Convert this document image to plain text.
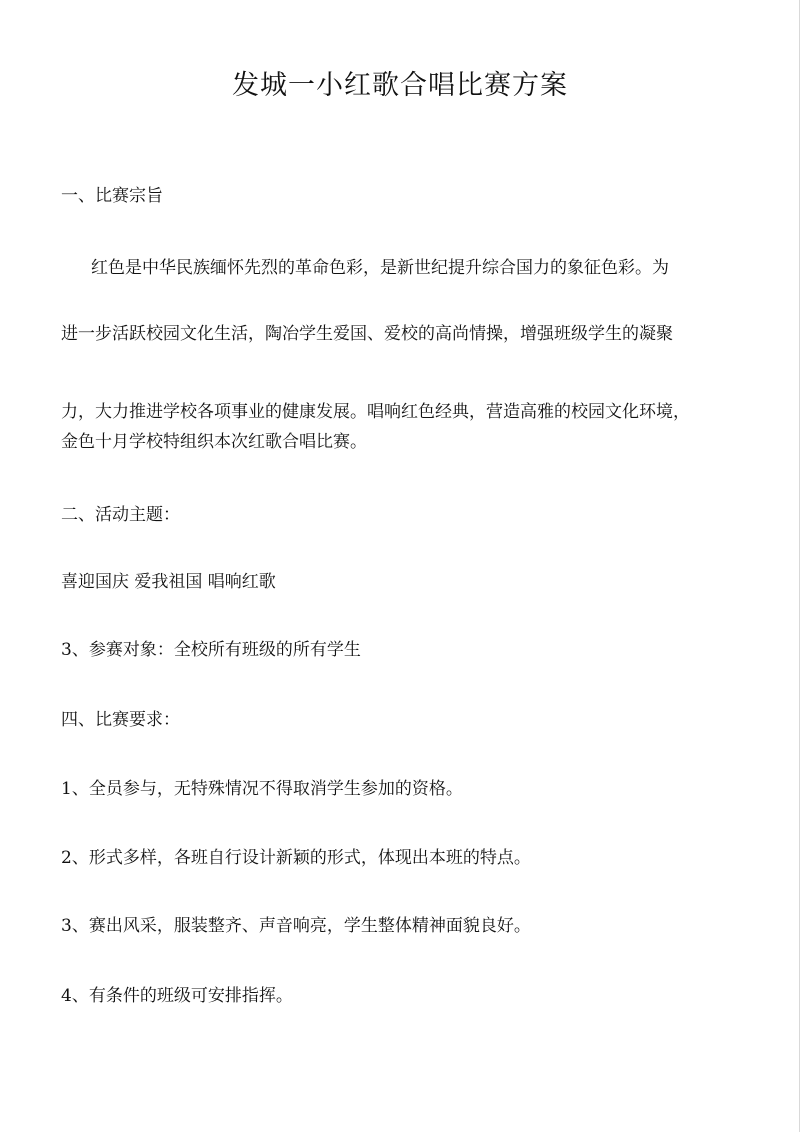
发城一小红歌合唱比赛方案
一、比赛宗旨
红色是中华民族缅怀先烈的革命色彩，是新世纪提升综合国力的象征色彩。为
进一步活跃校园文化生活，陶冶学生爱国、爱校的高尚情操，增强班级学生的凝聚
力，大力推进学校各项事业的健康发展。唱响红色经典，营造高雅的校园文化环境，
金色十月学校特组织本次红歌合唱比赛。
二、活动主题：
喜迎国庆 爱我祖国 唱响红歌
3、参赛对象：全校所有班级的所有学生
四、比赛要求：
1、全员参与，无特殊情况不得取消学生参加的资格。
2、形式多样，各班自行设计新颖的形式，体现出本班的特点。
3、赛出风采，服装整齐、声音响亮，学生整体精神面貌良好。
4、有条件的班级可安排指挥。
